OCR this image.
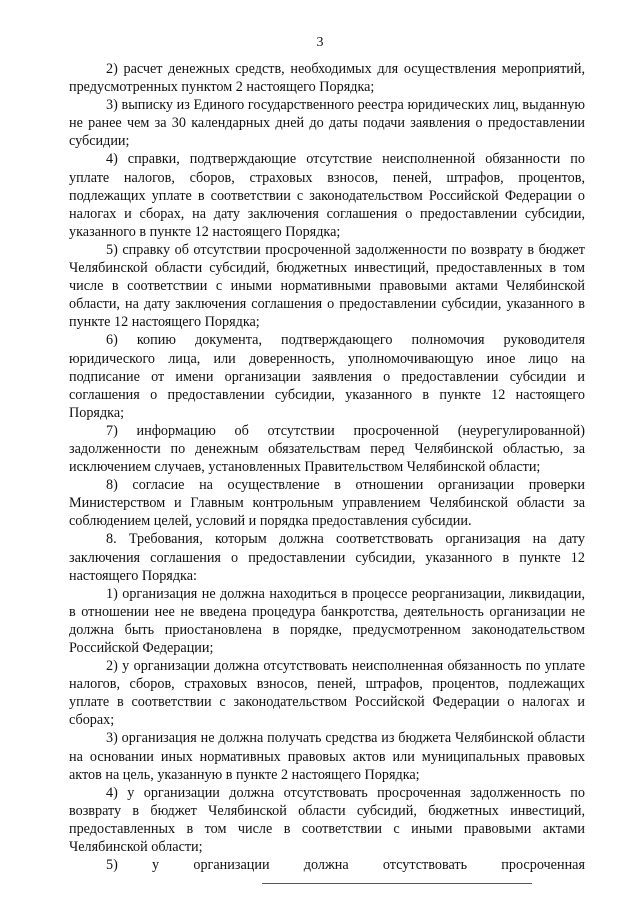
3

2) расчет денежных средств, необходимых для осуществления мероприятий, предусмотренных пунктом 2 настоящего Порядка;

3) выписку из Единого государственного реестра юридических лиц, выданную не ранее чем за 30 календарных дней до даты подачи заявления о предоставлении субсидии;

4) справки, подтверждающие отсутствие неисполненной обязанности по уплате налогов, сборов, страховых взносов, пеней, штрафов, процентов, подлежащих уплате в соответствии с законодательством Российской Федерации о налогах и сборах, на дату заключения соглашения о предоставлении субсидии, указанного в пункте 12 настоящего Порядка;

5) справку об отсутствии просроченной задолженности по возврату в бюджет Челябинской области субсидий, бюджетных инвестиций, предоставленных в том числе в соответствии с иными нормативными правовыми актами Челябинской области, на дату заключения соглашения о предоставлении субсидии, указанного в пункте 12 настоящего Порядка;

6) копию документа, подтверждающего полномочия руководителя юридического лица, или доверенность, уполномочивающую иное лицо на подписание от имени организации заявления о предоставлении субсидии и соглашения о предоставлении субсидии, указанного в пункте 12 настоящего Порядка;

7) информацию об отсутствии просроченной (неурегулированной) задолженности по денежным обязательствам перед Челябинской областью, за исключением случаев, установленных Правительством Челябинской области;

8) согласие на осуществление в отношении организации проверки Министерством и Главным контрольным управлением Челябинской области за соблюдением целей, условий и порядка предоставления субсидии.

8. Требования, которым должна соответствовать организация на дату заключения соглашения о предоставлении субсидии, указанного в пункте 12 настоящего Порядка:

1) организация не должна находиться в процессе реорганизации, ликвидации, в отношении нее не введена процедура банкротства, деятельность организации не должна быть приостановлена в порядке, предусмотренном законодательством Российской Федерации;

2) у организации должна отсутствовать неисполненная обязанность по уплате налогов, сборов, страховых взносов, пеней, штрафов, процентов, подлежащих уплате в соответствии с законодательством Российской Федерации о налогах и сборах;

3) организация не должна получать средства из бюджета Челябинской области на основании иных нормативных правовых актов или муниципальных правовых актов на цель, указанную в пункте 2 настоящего Порядка;

4) у организации должна отсутствовать просроченная задолженность по возврату в бюджет Челябинской области субсидий, бюджетных инвестиций, предоставленных в том числе в соответствии с иными правовыми актами Челябинской области;

5) у организации должна отсутствовать просроченная
